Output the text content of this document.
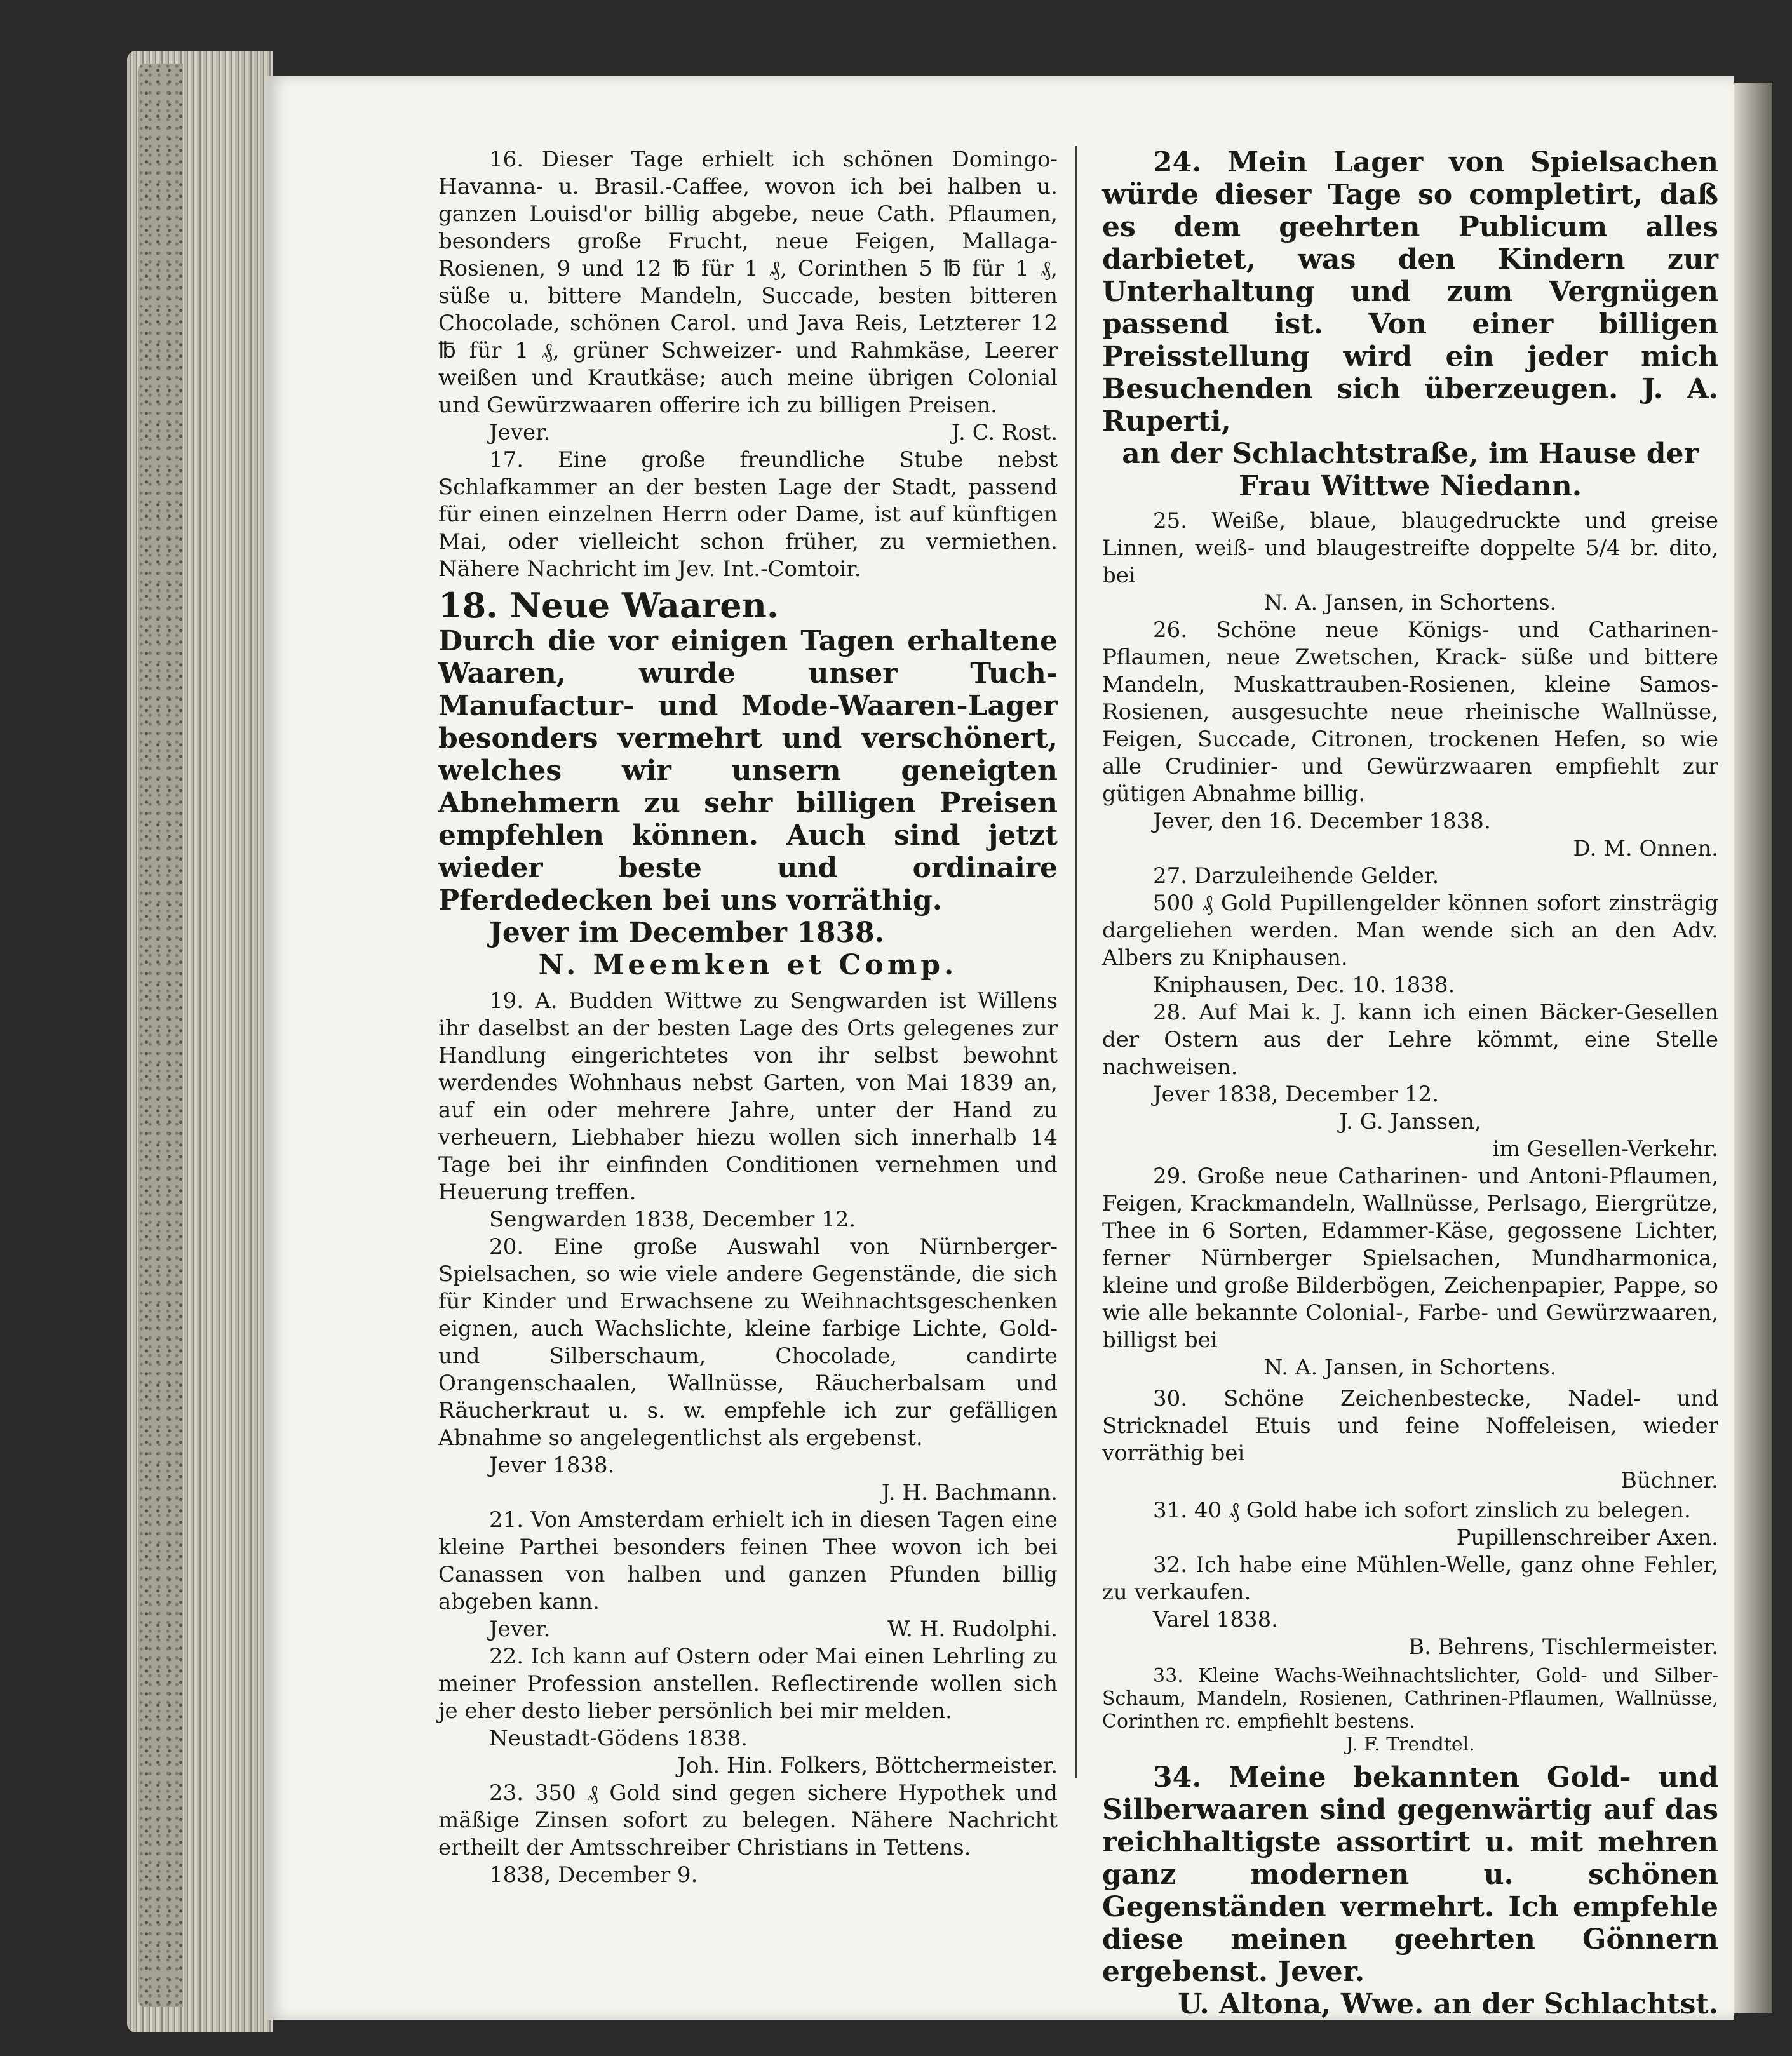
16. Dieser Tage erhielt ich schönen Domingo- Havanna- u. Brasil.-Caffee, wovon ich bei halben u. ganzen Louisd'or billig abgebe, neue Cath. Pflaumen, besonders große Frucht, neue Feigen, Mallaga-Rosienen, 9 und 12 ℔ für 1 ₰, Corinthen 5 ℔ für 1 ₰, süße u. bittere Mandeln, Succade, besten bitteren Chocolade, schönen Carol. und Java Reis, Letzterer 12 ℔ für 1 ₰, grüner Schweizer- und Rahmkäse, Leerer weißen und Krautkäse; auch meine übrigen Colonial und Gewürzwaaren offerire ich zu billigen Preisen.

Jever.	J. C. Rost.

17. Eine große freundliche Stube nebst Schlafkammer an der besten Lage der Stadt, passend für einen einzelnen Herrn oder Dame, ist auf künftigen Mai, oder vielleicht schon früher, zu vermiethen. Nähere Nachricht im Jev. Int.-Comtoir.

18. Neue Waaren.

Durch die vor einigen Tagen erhaltene Waaren, wurde unser Tuch-Manufactur- und Mode-Waaren-Lager besonders vermehrt und verschönert, welches wir unsern geneigten Abnehmern zu sehr billigen Preisen empfehlen können. Auch sind jetzt wieder beste und ordinaire Pferdedecken bei uns vorräthig.

Jever im December 1838.

N. Meemken et Comp.

19. A. Budden Wittwe zu Sengwarden ist Willens ihr daselbst an der besten Lage des Orts gelegenes zur Handlung eingerichtetes von ihr selbst bewohnt werdendes Wohnhaus nebst Garten, von Mai 1839 an, auf ein oder mehrere Jahre, unter der Hand zu verheuern, Liebhaber hiezu wollen sich innerhalb 14 Tage bei ihr einfinden Conditionen vernehmen und Heuerung treffen.

Sengwarden 1838, December 12.

20. Eine große Auswahl von Nürnberger-Spielsachen, so wie viele andere Gegenstände, die sich für Kinder und Erwachsene zu Weihnachtsgeschenken eignen, auch Wachslichte, kleine farbige Lichte, Gold- und Silberschaum, Chocolade, candirte Orangenschaalen, Wallnüsse, Räucherbalsam und Räucherkraut u. s. w. empfehle ich zur gefälligen Abnahme so angelegentlichst als ergebenst.

Jever 1838.

J. H. Bachmann.

21. Von Amsterdam erhielt ich in diesen Tagen eine kleine Parthei besonders feinen Thee wovon ich bei Canassen von halben und ganzen Pfunden billig abgeben kann.

Jever.	W. H. Rudolphi.

22. Ich kann auf Ostern oder Mai einen Lehrling zu meiner Profession anstellen. Reflectirende wollen sich je eher desto lieber persönlich bei mir melden.

Neustadt-Gödens 1838.

Joh. Hin. Folkers, Böttchermeister.

23. 350 ₰ Gold sind gegen sichere Hypothek und mäßige Zinsen sofort zu belegen. Nähere Nachricht ertheilt der Amtsschreiber Christians in Tettens.

1838, December 9.

24. Mein Lager von Spielsachen würde dieser Tage so completirt, daß es dem geehrten Publicum alles darbietet, was den Kindern zur Unterhaltung und zum Vergnügen passend ist. Von einer billigen Preisstellung wird ein jeder mich Besuchenden sich überzeugen. J. A. Ruperti,

an der Schlachtstraße, im Hause der Frau Wittwe Niedann.

25. Weiße, blaue, blaugedruckte und greise Linnen, weiß- und blaugestreifte doppelte 5/4 br. dito, bei

N. A. Jansen, in Schortens.

26. Schöne neue Königs- und Catharinen-Pflaumen, neue Zwetschen, Krack- süße und bittere Mandeln, Muskattrauben-Rosienen, kleine Samos-Rosienen, ausgesuchte neue rheinische Wallnüsse, Feigen, Succade, Citronen, trockenen Hefen, so wie alle Crudinier- und Gewürzwaaren empfiehlt zur gütigen Abnahme billig.

Jever, den 16. December 1838.

D. M. Onnen.

27. Darzuleihende Gelder.

500 ₰ Gold Pupillengelder können sofort zinsträgig dargeliehen werden. Man wende sich an den Adv. Albers zu Kniphausen.

Kniphausen, Dec. 10. 1838.

28. Auf Mai k. J. kann ich einen Bäcker-Gesellen der Ostern aus der Lehre kömmt, eine Stelle nachweisen.

Jever 1838, December 12.

J. G. Janssen,

im Gesellen-Verkehr.

29. Große neue Catharinen- und Antoni-Pflaumen, Feigen, Krackmandeln, Wallnüsse, Perlsago, Eiergrütze, Thee in 6 Sorten, Edammer-Käse, gegossene Lichter, ferner Nürnberger Spielsachen, Mundharmonica, kleine und große Bilderbögen, Zeichenpapier, Pappe, so wie alle bekannte Colonial-, Farbe- und Gewürzwaaren, billigst bei

N. A. Jansen, in Schortens.

30. Schöne Zeichenbestecke, Nadel- und Stricknadel Etuis und feine Noffeleisen, wieder vorräthig bei

Büchner.

31. 40 ₰ Gold habe ich sofort zinslich zu belegen.

Pupillenschreiber Axen.

32. Ich habe eine Mühlen-Welle, ganz ohne Fehler, zu verkaufen.

Varel 1838.

B. Behrens, Tischlermeister.

33. Kleine Wachs-Weihnachtslichter, Gold- und Silber-Schaum, Mandeln, Rosienen, Cathrinen-Pflaumen, Wallnüsse, Corinthen rc. empfiehlt bestens.

J. F. Trendtel.

34. Meine bekannten Gold- und Silberwaaren sind gegenwärtig auf das reichhaltigste assortirt u. mit mehren ganz modernen u. schönen Gegenständen vermehrt. Ich empfehle diese meinen geehrten Gönnern ergebenst. Jever.

U. Altona, Wwe. an der Schlachtst.
